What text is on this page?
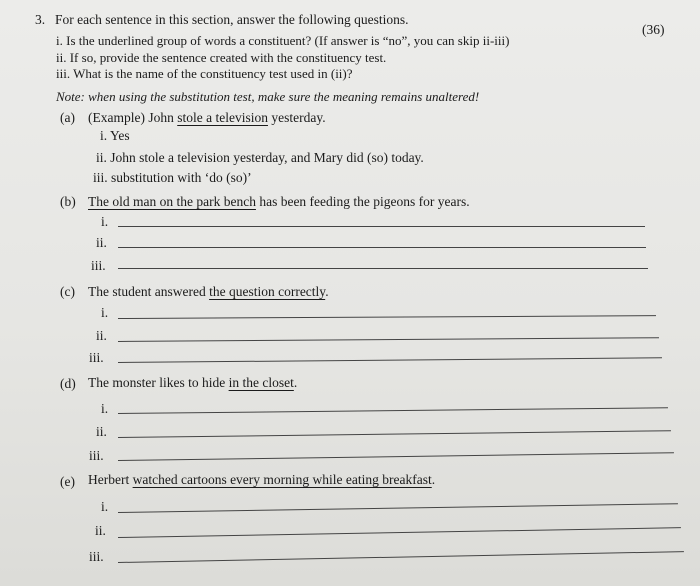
3. For each sentence in this section, answer the following questions.
(36)
i. Is the underlined group of words a constituent? (If answer is “no”, you can skip ii-iii)
ii. If so, provide the sentence created with the constituency test.
iii. What is the name of the constituency test used in (ii)?
Note: when using the substitution test, make sure the meaning remains unaltered!
(a) (Example) John stole a television yesterday.
i. Yes
ii. John stole a television yesterday, and Mary did (so) today.
iii. substitution with ‘do (so)’
(b) The old man on the park bench has been feeding the pigeons for years.
i.
ii.
iii.
(c) The student answered the question correctly.
i.
ii.
iii.
(d) The monster likes to hide in the closet.
i.
ii.
iii.
(e) Herbert watched cartoons every morning while eating breakfast.
i.
ii.
iii.
